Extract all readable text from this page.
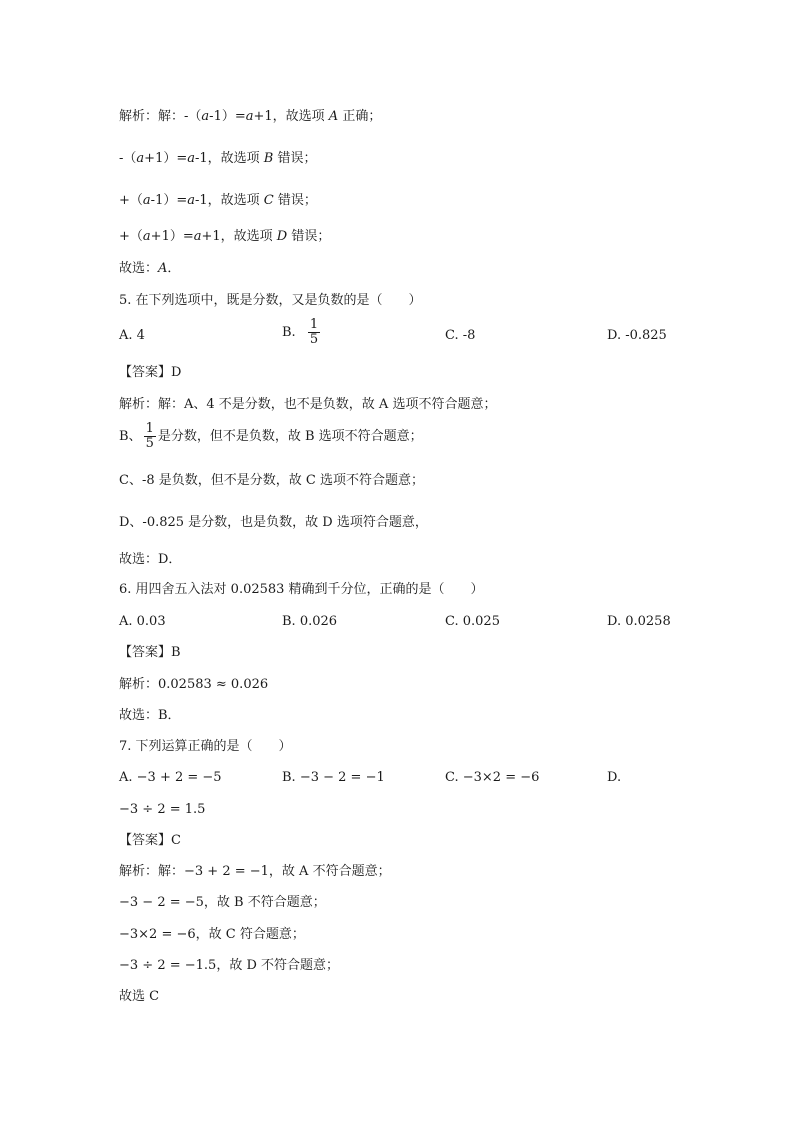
解析：解：-（a-1）=a+1，故选项 A 正确；
-（a+1）=a-1，故选项 B 错误；
+（a-1）=a-1，故选项 C 错误；
+（a+1）=a+1，故选项 D 错误；
故选：A．
5. 在下列选项中，既是分数，又是负数的是（　　）
A. 4	B. $\frac{1}{5}$	C. -8	D. -0.825
【答案】D
解析：解：A、4 不是分数，也不是负数，故 A 选项不符合题意；
B、 $\frac{1}{5}$ 是分数，但不是负数，故 B 选项不符合题意；
C、-8 是负数，但不是分数，故 C 选项不符合题意；
D、-0.825 是分数，也是负数，故 D 选项符合题意，
故选：D．
6. 用四舍五入法对 0.02583 精确到千分位，正确的是（　　）
A. 0.03	B. 0.026	C. 0.025	D. 0.0258
【答案】B
解析：0.02583 ≈ 0.026
故选：B．
7. 下列运算正确的是（　　）
A. −3 + 2 = −5	B. −3 − 2 = −1	C. −3×2 = −6	D.
−3 ÷ 2 = 1.5
【答案】C
解析：解：−3 + 2 = −1，故 A 不符合题意；
−3 − 2 = −5，故 B 不符合题意；
−3×2 = −6，故 C 符合题意；
−3 ÷ 2 = −1.5，故 D 不符合题意；
故选 C
